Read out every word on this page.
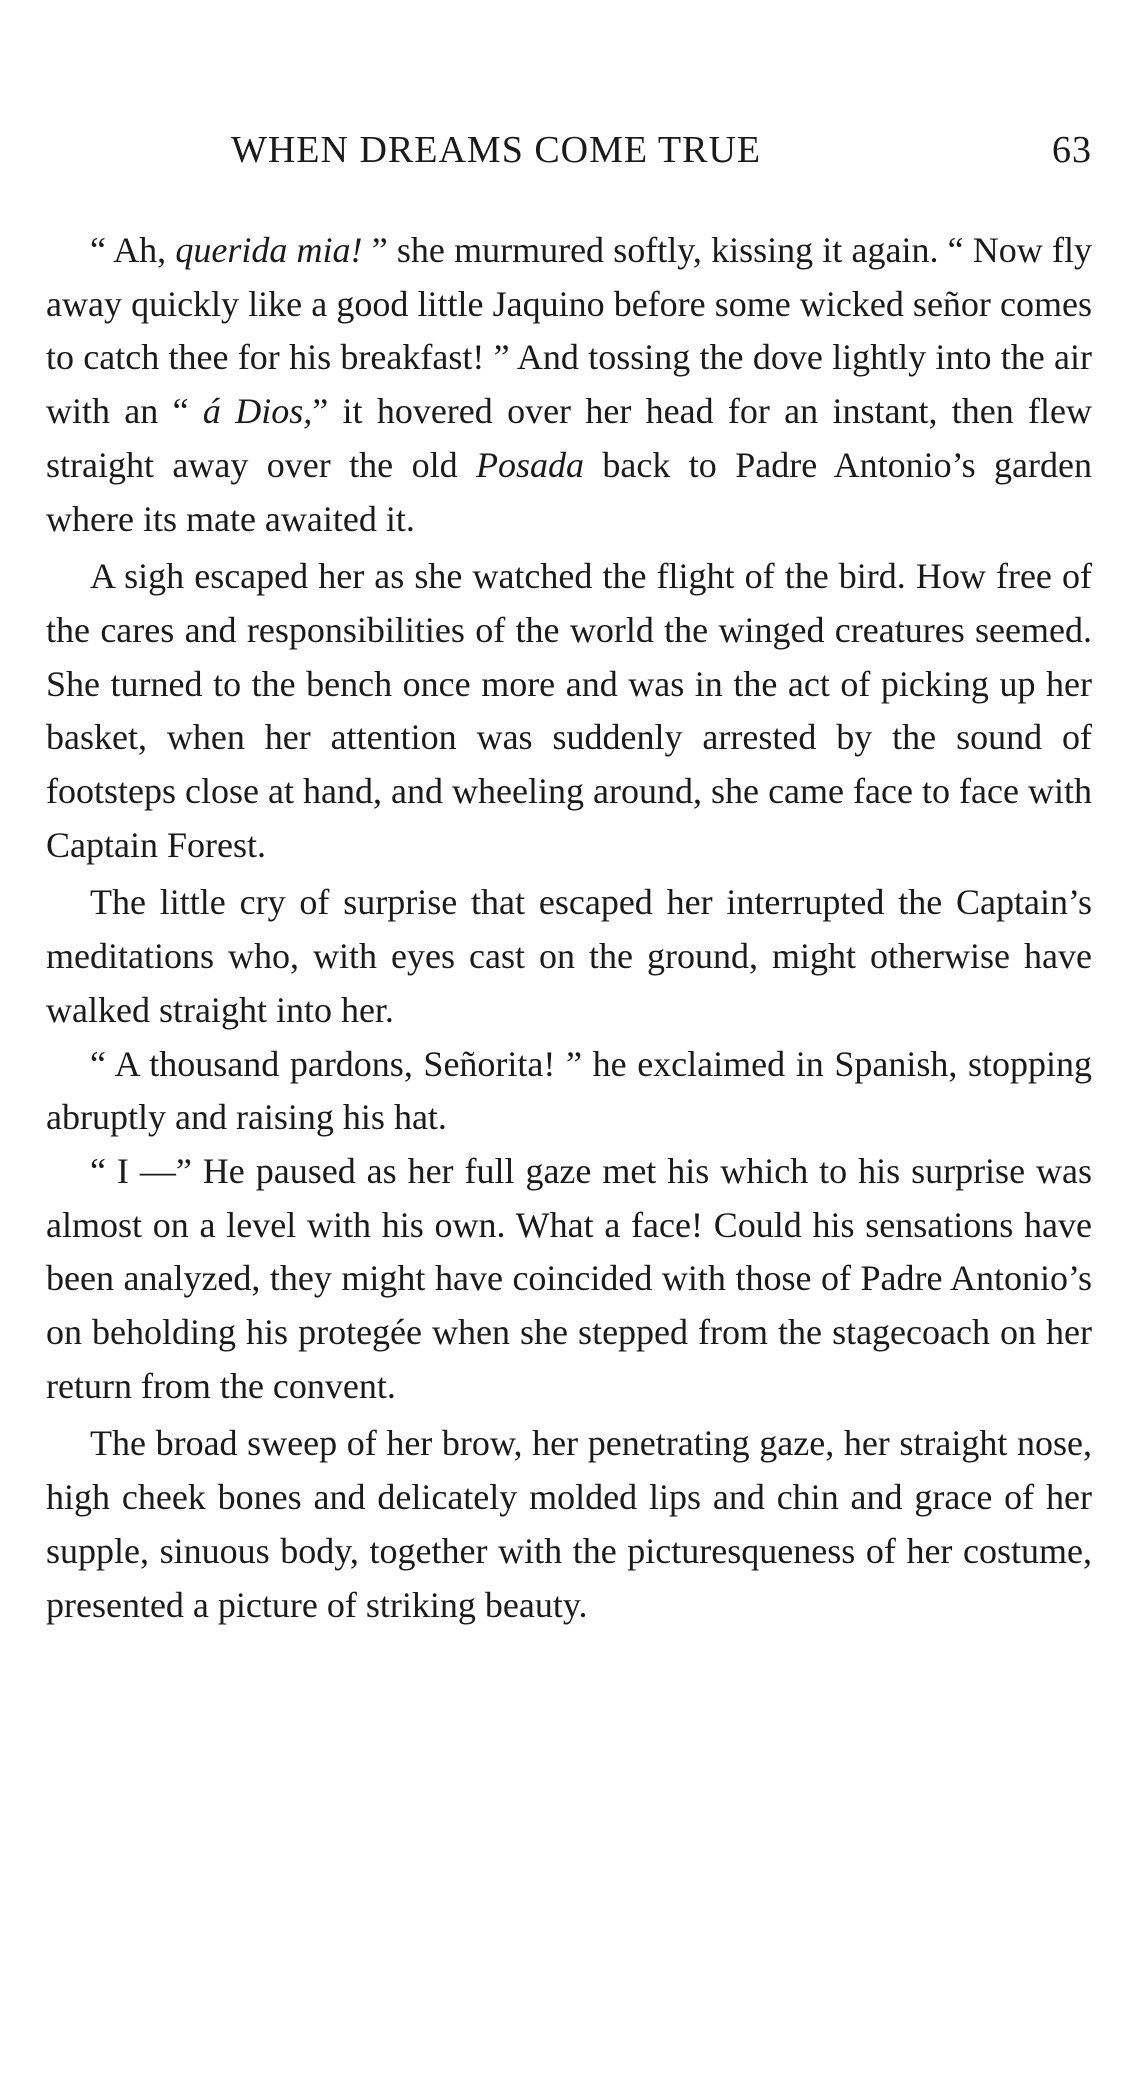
WHEN DREAMS COME TRUE	63

“ Ah, querida mia! ” she murmured softly, kissing it again. “ Now fly away quickly like a good little Jaquino before some wicked señor comes to catch thee for his breakfast! ” And tossing the dove lightly into the air with an “ á Dios,” it hovered over her head for an instant, then flew straight away over the old Posada back to Padre Antonio’s garden where its mate awaited it.

A sigh escaped her as she watched the flight of the bird. How free of the cares and responsibilities of the world the winged creatures seemed. She turned to the bench once more and was in the act of picking up her basket, when her attention was suddenly arrested by the sound of footsteps close at hand, and wheeling around, she came face to face with Captain Forest.

The little cry of surprise that escaped her interrupted the Captain’s meditations who, with eyes cast on the ground, might otherwise have walked straight into her.

“ A thousand pardons, Señorita! ” he exclaimed in Spanish, stopping abruptly and raising his hat.

“ I —” He paused as her full gaze met his which to his surprise was almost on a level with his own. What a face! Could his sensations have been analyzed, they might have coincided with those of Padre Antonio’s on beholding his protegée when she stepped from the stagecoach on her return from the convent.

The broad sweep of her brow, her penetrating gaze, her straight nose, high cheek bones and delicately molded lips and chin and grace of her supple, sinuous body, together with the picturesqueness of her costume, presented a picture of striking beauty.
